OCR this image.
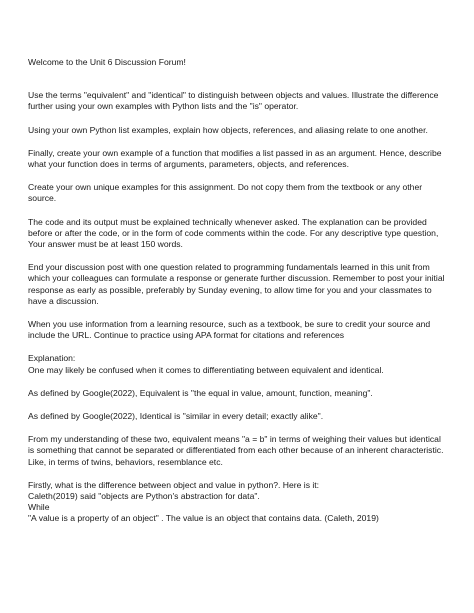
Welcome to the Unit 6 Discussion Forum!

Use the terms "equivalent" and "identical" to distinguish between objects and values. Illustrate the difference further using your own examples with Python lists and the "is" operator.

Using your own Python list examples, explain how objects, references, and aliasing relate to one another.

Finally, create your own example of a function that modifies a list passed in as an argument. Hence, describe what your function does in terms of arguments, parameters, objects, and references.

Create your own unique examples for this assignment. Do not copy them from the textbook or any other source.

The code and its output must be explained technically whenever asked. The explanation can be provided before or after the code, or in the form of code comments within the code. For any descriptive type question, Your answer must be at least 150 words.

End your discussion post with one question related to programming fundamentals learned in this unit from which your colleagues can formulate a response or generate further discussion. Remember to post your initial response as early as possible, preferably by Sunday evening, to allow time for you and your classmates to have a discussion.

When you use information from a learning resource, such as a textbook, be sure to credit your source and include the URL. Continue to practice using APA format for citations and references

Explanation:

One may likely be confused when it comes to differentiating between equivalent and identical.

As defined by Google(2022), Equivalent is "the equal in value, amount, function, meaning".

As defined by Google(2022), Identical is "similar in every detail; exactly alike".

From my understanding of these two, equivalent means "a = b" in terms of weighing their values but identical is something that cannot be separated or differentiated from each other because of an inherent characteristic. Like, in terms of twins, behaviors, resemblance etc.

Firstly, what is the difference between object and value in python?. Here is it:

Caleth(2019) said "objects are Python's abstraction for data".

While

"A value is a property of an object" . The value is an object that contains data. (Caleth, 2019)
